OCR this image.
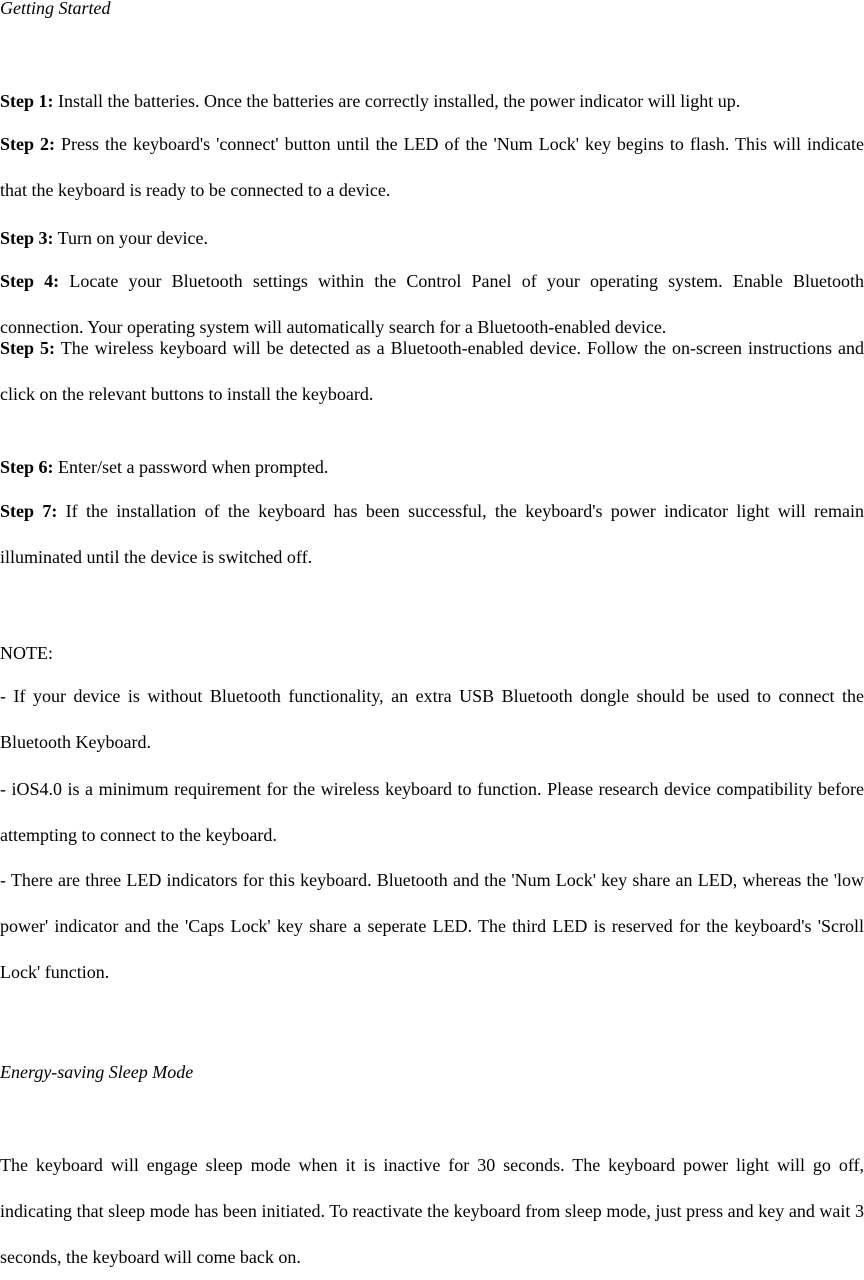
Getting Started

Step 1: Install the batteries. Once the batteries are correctly installed, the power indicator will light up.

Step 2: Press the keyboard's 'connect' button until the LED of the 'Num Lock' key begins to flash. This will indicate that the keyboard is ready to be connected to a device.

Step 3: Turn on your device.

Step 4: Locate your Bluetooth settings within the Control Panel of your operating system. Enable Bluetooth connection. Your operating system will automatically search for a Bluetooth-enabled device.

Step 5: The wireless keyboard will be detected as a Bluetooth-enabled device. Follow the on-screen instructions and click on the relevant buttons to install the keyboard.

Step 6: Enter/set a password when prompted.

Step 7: If the installation of the keyboard has been successful, the keyboard's power indicator light will remain illuminated until the device is switched off.

NOTE:

- If your device is without Bluetooth functionality, an extra USB Bluetooth dongle should be used to connect the Bluetooth Keyboard.

- iOS4.0 is a minimum requirement for the wireless keyboard to function. Please research device compatibility before attempting to connect to the keyboard.

- There are three LED indicators for this keyboard. Bluetooth and the 'Num Lock' key share an LED, whereas the 'low power' indicator and the 'Caps Lock' key share a seperate LED. The third LED is reserved for the keyboard's 'Scroll Lock' function.

Energy-saving Sleep Mode

The keyboard will engage sleep mode when it is inactive for 30 seconds. The keyboard power light will go off, indicating that sleep mode has been initiated. To reactivate the keyboard from sleep mode, just press and key and wait 3 seconds, the keyboard will come back on.
